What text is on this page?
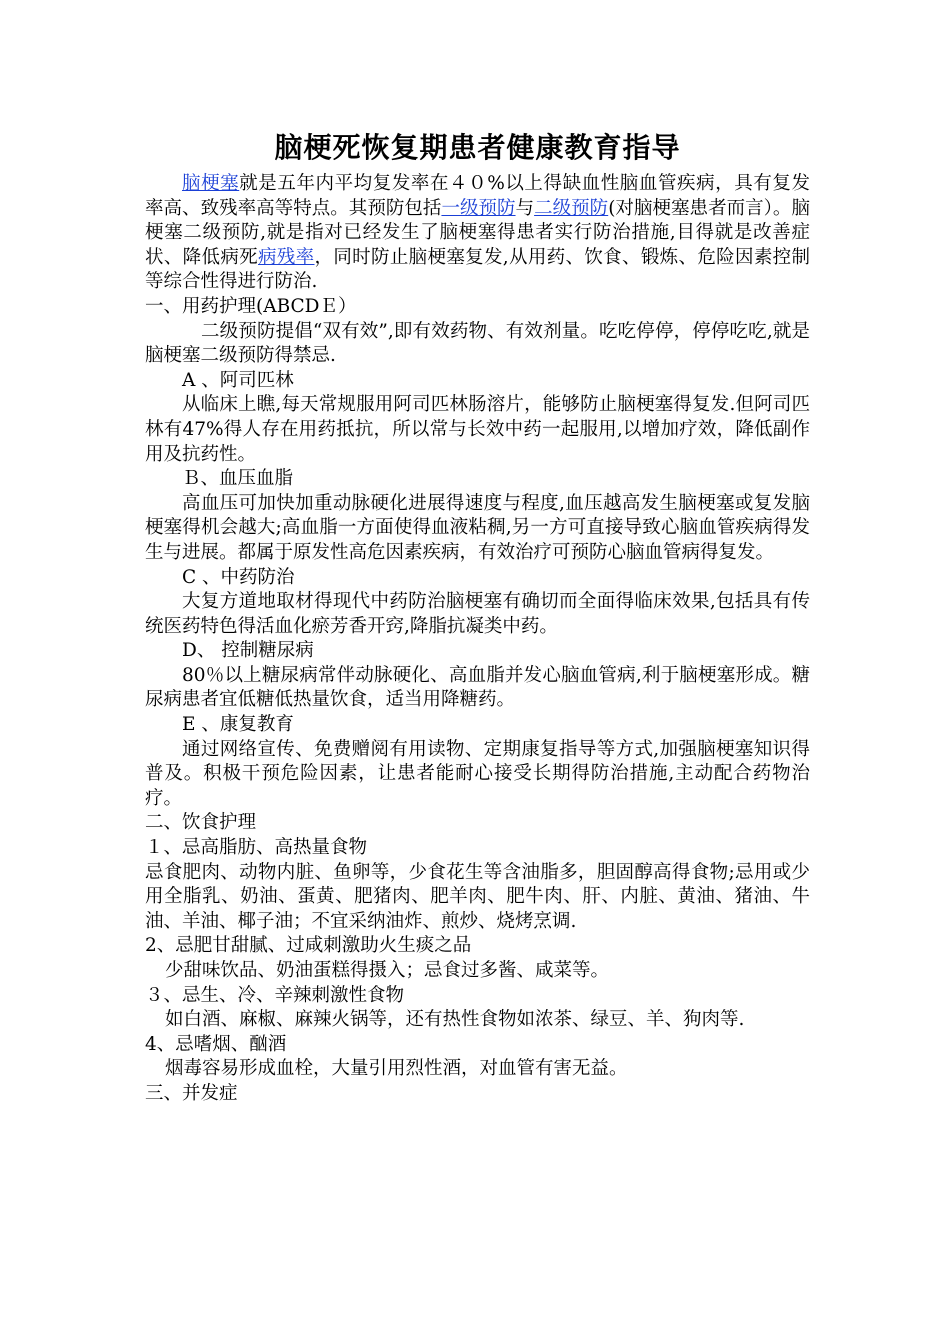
脑梗死恢复期患者健康教育指导

脑梗塞就是五年内平均复发率在４０%以上得缺血性脑血管疾病，具有复发率高、致残率高等特点。其预防包括一级预防与二级预防(对脑梗塞患者而言）。脑梗塞二级预防,就是指对已经发生了脑梗塞得患者实行防治措施,目得就是改善症状、降低病死病残率，同时防止脑梗塞复发,从用药、饮食、锻炼、危险因素控制等综合性得进行防治.

一、用药护理(ABCDＥ）

二级预防提倡“双有效”,即有效药物、有效剂量。吃吃停停，停停吃吃,就是脑梗塞二级预防得禁忌.

A 、阿司匹林

从临床上瞧,每天常规服用阿司匹林肠溶片，能够防止脑梗塞得复发.但阿司匹林有47%得人存在用药抵抗，所以常与长效中药一起服用,以增加疗效，降低副作用及抗药性。

Ｂ、血压血脂

高血压可加快加重动脉硬化进展得速度与程度,血压越高发生脑梗塞或复发脑梗塞得机会越大;高血脂一方面使得血液粘稠,另一方可直接导致心脑血管疾病得发生与进展。都属于原发性高危因素疾病，有效治疗可预防心脑血管病得复发。

C 、中药防治

大复方道地取材得现代中药防治脑梗塞有确切而全面得临床效果,包括具有传统医药特色得活血化瘀芳香开窍,降脂抗凝类中药。

D、 控制糖尿病

80％以上糖尿病常伴动脉硬化、高血脂并发心脑血管病,利于脑梗塞形成。糖尿病患者宜低糖低热量饮食，适当用降糖药。

E 、康复教育

通过网络宣传、免费赠阅有用读物、定期康复指导等方式,加强脑梗塞知识得普及。积极干预危险因素，让患者能耐心接受长期得防治措施,主动配合药物治疗。

二、饮食护理

１、忌高脂肪、高热量食物

忌食肥肉、动物内脏、鱼卵等，少食花生等含油脂多，胆固醇高得食物;忌用或少用全脂乳、奶油、蛋黄、肥猪肉、肥羊肉、肥牛肉、肝、内脏、黄油、猪油、牛油、羊油、椰子油；不宜采纳油炸、煎炒、烧烤烹调.

2、忌肥甘甜腻、过咸刺激助火生痰之品

少甜味饮品、奶油蛋糕得摄入；忌食过多酱、咸菜等。

３、忌生、冷、辛辣刺激性食物

如白酒、麻椒、麻辣火锅等，还有热性食物如浓茶、绿豆、羊、狗肉等.

4、忌嗜烟、酗酒

烟毒容易形成血栓，大量引用烈性酒，对血管有害无益。

三、并发症
